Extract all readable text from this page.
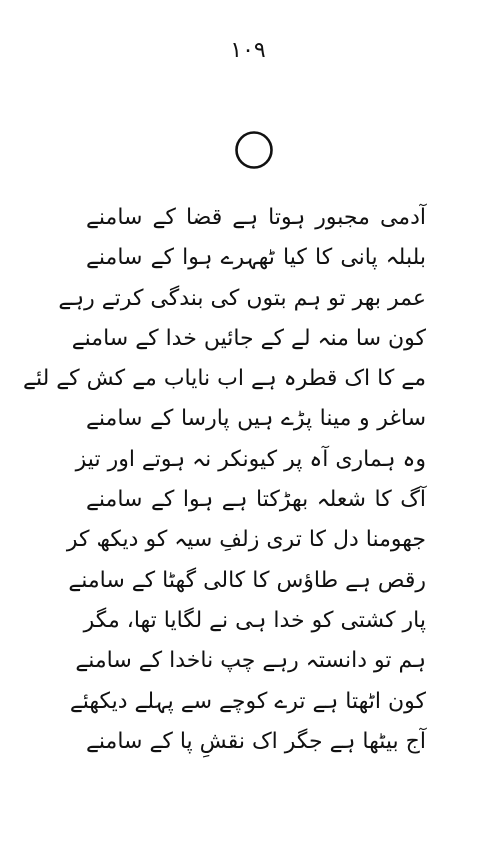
۱۰۹
آدمی مجبور ہوتا ہے قضا کے سامنے
بلبلہ پانی کا کیا ٹھہرے ہوا کے سامنے
عمر بھر تو ہم بتوں کی بندگی کرتے رہے
کون سا منہ لے کے جائیں خدا کے سامنے
مے کا اک قطرہ ہے اب نایاب مے کش کے لئے
ساغر و مینا پڑے ہیں پارسا کے سامنے
وہ ہماری آہ پر کیونکر نہ ہوتے اور تیز
آگ کا شعلہ بھڑکتا ہے ہوا کے سامنے
جھومنا دل کا تری زلفِ سیہ کو دیکھ کر
رقص ہے طاؤس کا کالی گھٹا کے سامنے
پار کشتی کو خدا ہی نے لگایا تھا، مگر
ہم تو دانستہ رہے چپ ناخدا کے سامنے
کون اٹھتا ہے ترے کوچے سے پہلے دیکھئے
آج بیٹھا ہے جگر اک نقشِ پا کے سامنے
